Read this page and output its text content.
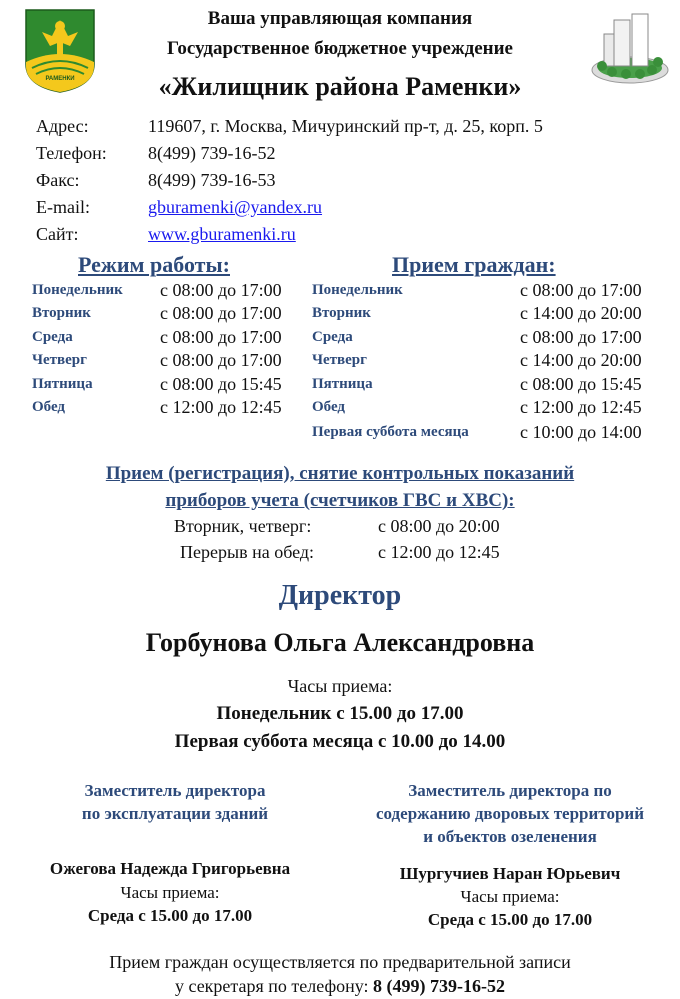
РАМЕНКИ
Ваша управляющая компания
Государственное бюджетное учреждение
«Жилищник района Раменки»
Адрес:	119607, г. Москва, Мичуринский пр-т, д. 25, корп. 5
Телефон: 8(499) 739-16-52
Факс:	8(499) 739-16-53
E-mail:	gburamenki@yandex.ru
Сайт:	www.gburamenki.ru
Режим работы:
Понедельник с 08:00 до 17:00
Вторник	с 08:00 до 17:00
Среда	с 08:00 до 17:00
Четверг	с 08:00 до 17:00
Пятница	с 08:00 до 15:45
Обед	с 12:00 до 12:45
Прием граждан:
Понедельник	с 08:00 до 17:00
Вторник	с 14:00 до 20:00
Среда	с 08:00 до 17:00
Четверг	с 14:00 до 20:00
Пятница	с 08:00 до 15:45
Обед	с 12:00 до 12:45
Первая суббота месяца	с 10:00 до 14:00
Прием (регистрация), снятие контрольных показаний
приборов учета (счетчиков ГВС и ХВС):
Вторник, четверг:	с 08:00 до 20:00
Перерыв на обед:	с 12:00 до 12:45
Директор
Горбунова Ольга Александровна
Часы приема:
Понедельник с 15.00 до 17.00
Первая суббота месяца с 10.00 до 14.00
Заместитель директора
по эксплуатации зданий
Ожегова Надежда Григорьевна
Часы приема:
Среда с 15.00 до 17.00
Заместитель директора по
содержанию дворовых территорий
и объектов озеленения
Шургучиев Наран Юрьевич
Часы приема:
Среда с 15.00 до 17.00
Прием граждан осуществляется по предварительной записи
у секретаря по телефону: 8 (499) 739-16-52
